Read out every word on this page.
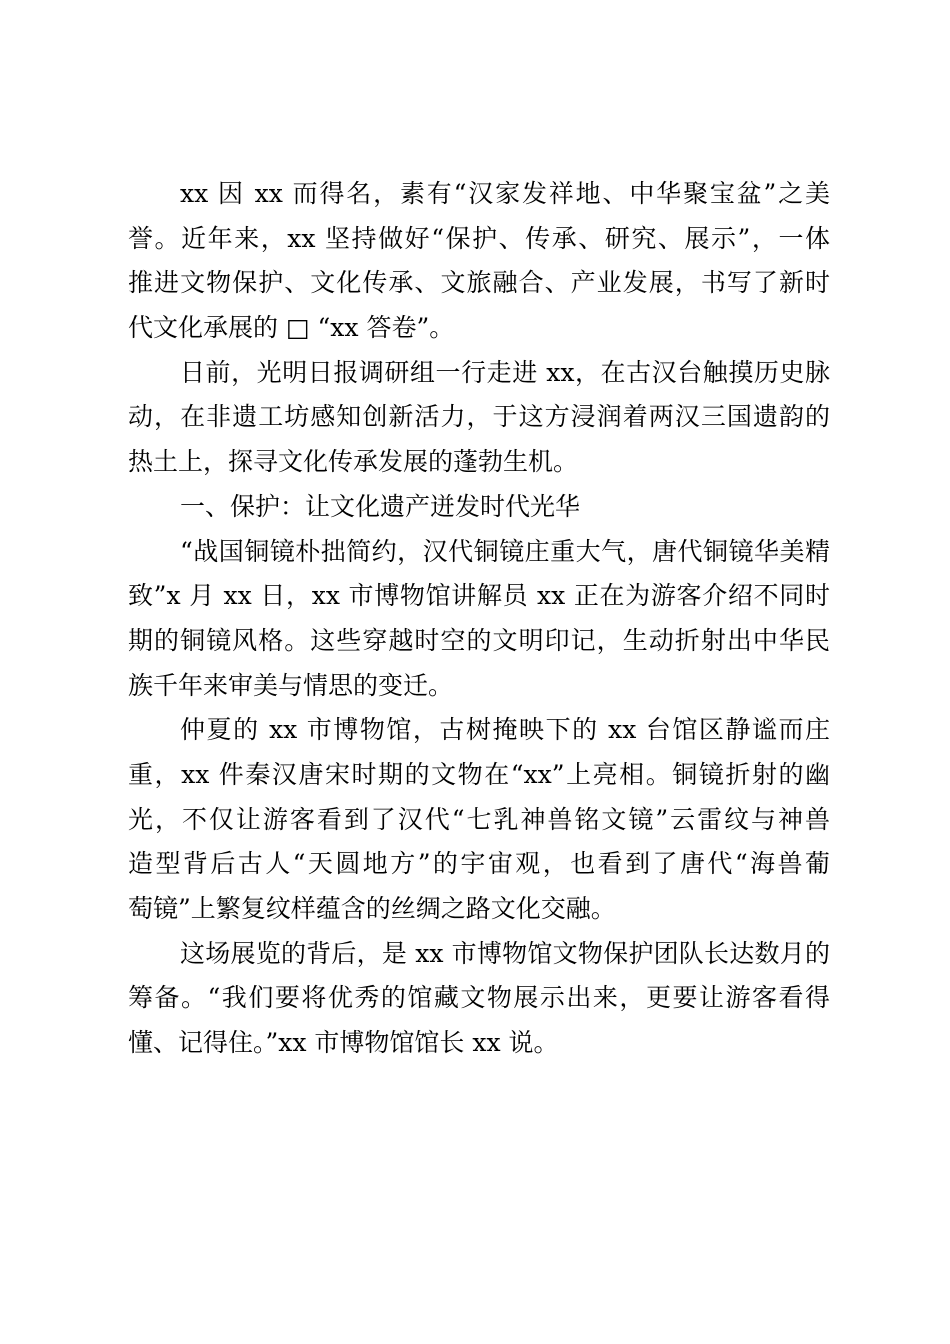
xx 因 xx 而得名，素有“汉家发祥地、中华聚宝盆”之美
誉。近年来，xx 坚持做好“保护、传承、研究、展示”，一体
推进文物保护、文化传承、文旅融合、产业发展，书写了新时
代文化承展的 □ “xx 答卷”。
日前，光明日报调研组一行走进 xx，在古汉台触摸历史脉
动，在非遗工坊感知创新活力，于这方浸润着两汉三国遗韵的
热土上，探寻文化传承发展的蓬勃生机。
一、保护：让文化遗产迸发时代光华
“战国铜镜朴拙简约，汉代铜镜庄重大气，唐代铜镜华美精
致”x 月 xx 日，xx 市博物馆讲解员 xx 正在为游客介绍不同时
期的铜镜风格。这些穿越时空的文明印记，生动折射出中华民
族千年来审美与情思的变迁。
仲夏的 xx 市博物馆，古树掩映下的 xx 台馆区静谧而庄
重，xx 件秦汉唐宋时期的文物在“xx”上亮相。铜镜折射的幽
光，不仅让游客看到了汉代“七乳神兽铭文镜”云雷纹与神兽
造型背后古人“天圆地方”的宇宙观，也看到了唐代“海兽葡
萄镜”上繁复纹样蕴含的丝绸之路文化交融。
这场展览的背后，是 xx 市博物馆文物保护团队长达数月的
筹备。“我们要将优秀的馆藏文物展示出来，更要让游客看得
懂、记得住。”xx 市博物馆馆长 xx 说。
